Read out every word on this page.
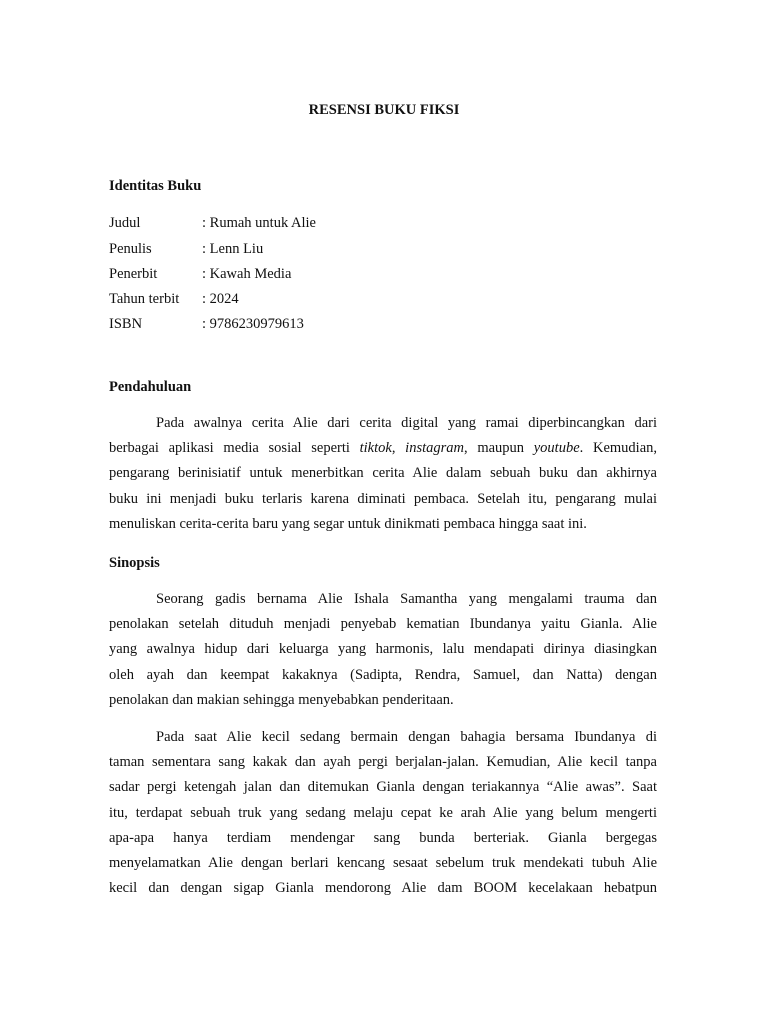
RESENSI BUKU FIKSI
Identitas Buku
Judul	: Rumah untuk Alie
Penulis	: Lenn Liu
Penerbit	: Kawah Media
Tahun terbit : 2024
ISBN	: 9786230979613
Pendahuluan
Pada awalnya cerita Alie dari cerita digital yang ramai diperbincangkan dari
berbagai aplikasi media sosial seperti tiktok, instagram, maupun youtube. Kemudian,
pengarang berinisiatif untuk menerbitkan cerita Alie dalam sebuah buku dan akhirnya
buku ini menjadi buku terlaris karena diminati pembaca. Setelah itu, pengarang mulai
menuliskan cerita-cerita baru yang segar untuk dinikmati pembaca hingga saat ini.
Sinopsis
Seorang gadis bernama Alie Ishala Samantha yang mengalami trauma dan
penolakan setelah dituduh menjadi penyebab kematian Ibundanya yaitu Gianla. Alie
yang awalnya hidup dari keluarga yang harmonis, lalu mendapati dirinya diasingkan
oleh ayah dan keempat kakaknya (Sadipta, Rendra, Samuel, dan Natta) dengan
penolakan dan makian sehingga menyebabkan penderitaan.
Pada saat Alie kecil sedang bermain dengan bahagia bersama Ibundanya di
taman sementara sang kakak dan ayah pergi berjalan-jalan. Kemudian, Alie kecil tanpa
sadar pergi ketengah jalan dan ditemukan Gianla dengan teriakannya “Alie awas”. Saat
itu, terdapat sebuah truk yang sedang melaju cepat ke arah Alie yang belum mengerti
apa-apa hanya terdiam mendengar sang bunda berteriak. Gianla bergegas
menyelamatkan Alie dengan berlari kencang sesaat sebelum truk mendekati tubuh Alie
kecil dan dengan sigap Gianla mendorong Alie dam BOOM kecelakaan hebatpun
